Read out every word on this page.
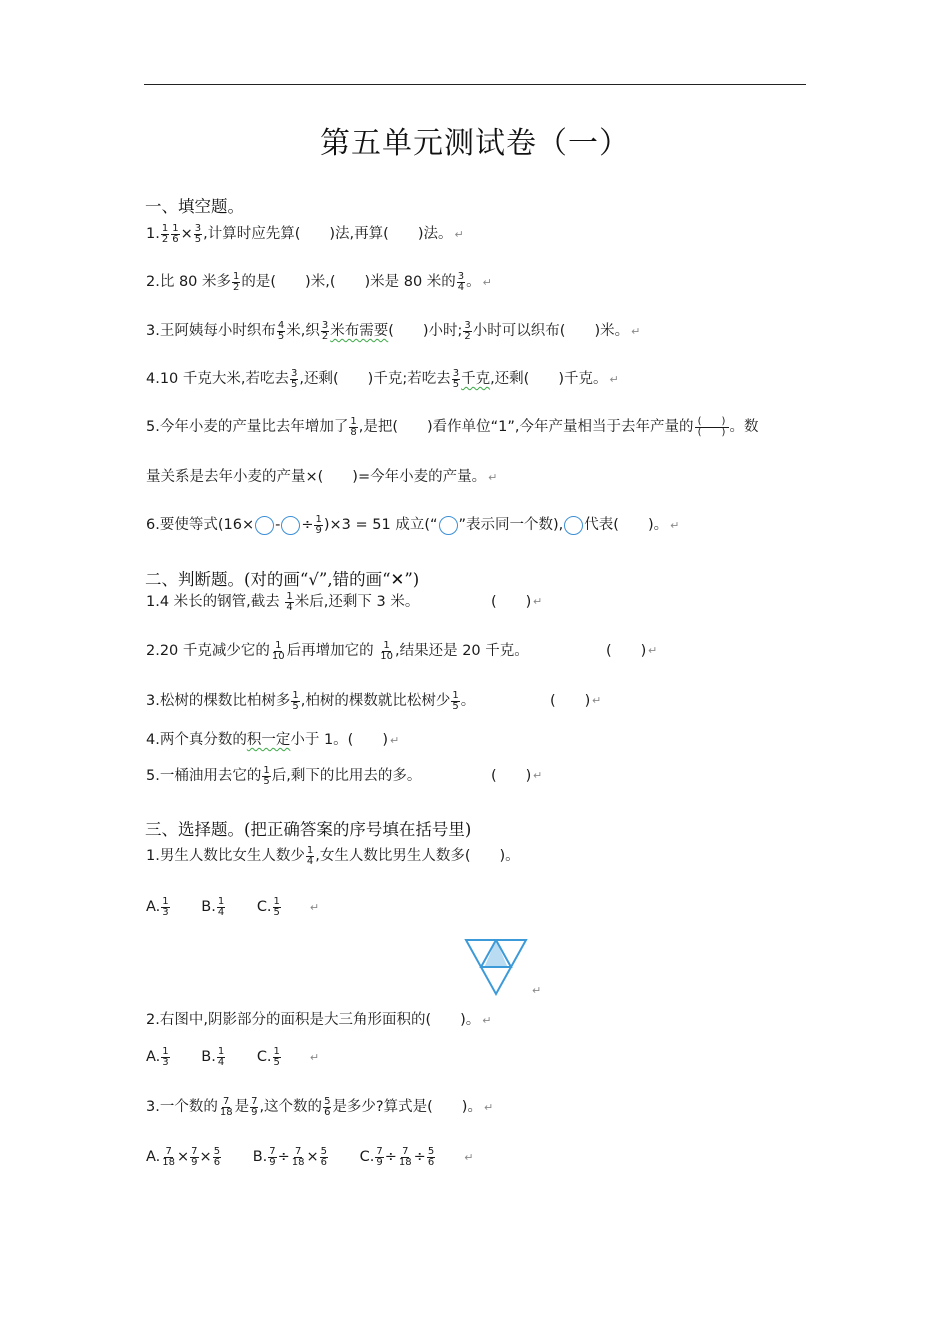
第五单元测试卷（一）
一、填空题。
1. $\frac{1}{2} \frac{1}{6} \times \frac{3}{5}$ ,计算时应先算(　　)法,再算(　　)法。 ↵
2.比 80 米多 $\frac{1}{2}$ 的是(　　)米,(　　)米是 80 米的 $\frac{3}{4}$ 。 ↵
3.王阿姨每小时织布 $\frac{4}{5}$ 米,织 $\frac{3}{2}$ 米布需要(　　)小时; $\frac{3}{2}$ 小时可以织布(　　)米。 ↵
4.10 千克大米,若吃去 $\frac{3}{5}$ ,还剩(　　)千克;若吃去 $\frac{3}{5}$ 千克,还剩(　　)千克。 ↵
5.今年小麦的产量比去年增加了 $\frac{1}{8}$ ,是把(　　)看作单位“1”,今年产量相当于去年产量的 (　　)
(　　) 。数
量关系是去年小麦的产量×(　　)=今年小麦的产量。 ↵
6.要使等式(16× - ÷ $\frac{1}{9} )\times 3 = 51$ 成立(“ ”表示同一个数), 代表(　　)。 ↵
二、判断题。(对的画“√”,错的画“✕”)
1.4 米长的钢管,截去 $\frac{1}{4}$ 米后,还剩下 3 米。	(　　) ↵
2.20 千克减少它的 $\frac{1}{10}$ 后再增加它的 $\frac{1}{10}$ ,结果还是 20 千克。	(　　) ↵
3.松树的棵数比柏树多 $\frac{1}{5}$ ,柏树的棵数就比松树少 $\frac{1}{5}$ 。	(　　) ↵
4.两个真分数的积一定小于 1。(　　) ↵
5.一桶油用去它的 $\frac{1}{5}$ 后,剩下的比用去的多。	(　　) ↵
三、选择题。(把正确答案的序号填在括号里)
1.男生人数比女生人数少 $\frac{1}{4}$ ,女生人数比男生人数多(　　)。
A. $\frac{1}{3} B$. $\frac{1}{4} C$. $\frac{1}{5}$	↵
↵
2.右图中,阴影部分的面积是大三角形面积的(　　)。 ↵
A. $\frac{1}{3} B$. $\frac{1}{4} C$. $\frac{1}{5}$	↵
3.一个数的 $\frac{7}{18}$ 是 $\frac{7}{9}$ ,这个数的 $\frac{5}{6}$ 是多少?算式是(　　)。 ↵
A. $\frac{7}{18} \times \frac{7}{9} \times \frac{5}{6} B$. $\frac{7}{9} \div \frac{7}{18} \times \frac{5}{6} C$. $\frac{7}{9} \div \frac{7}{18} \div \frac{5}{6}$	↵
